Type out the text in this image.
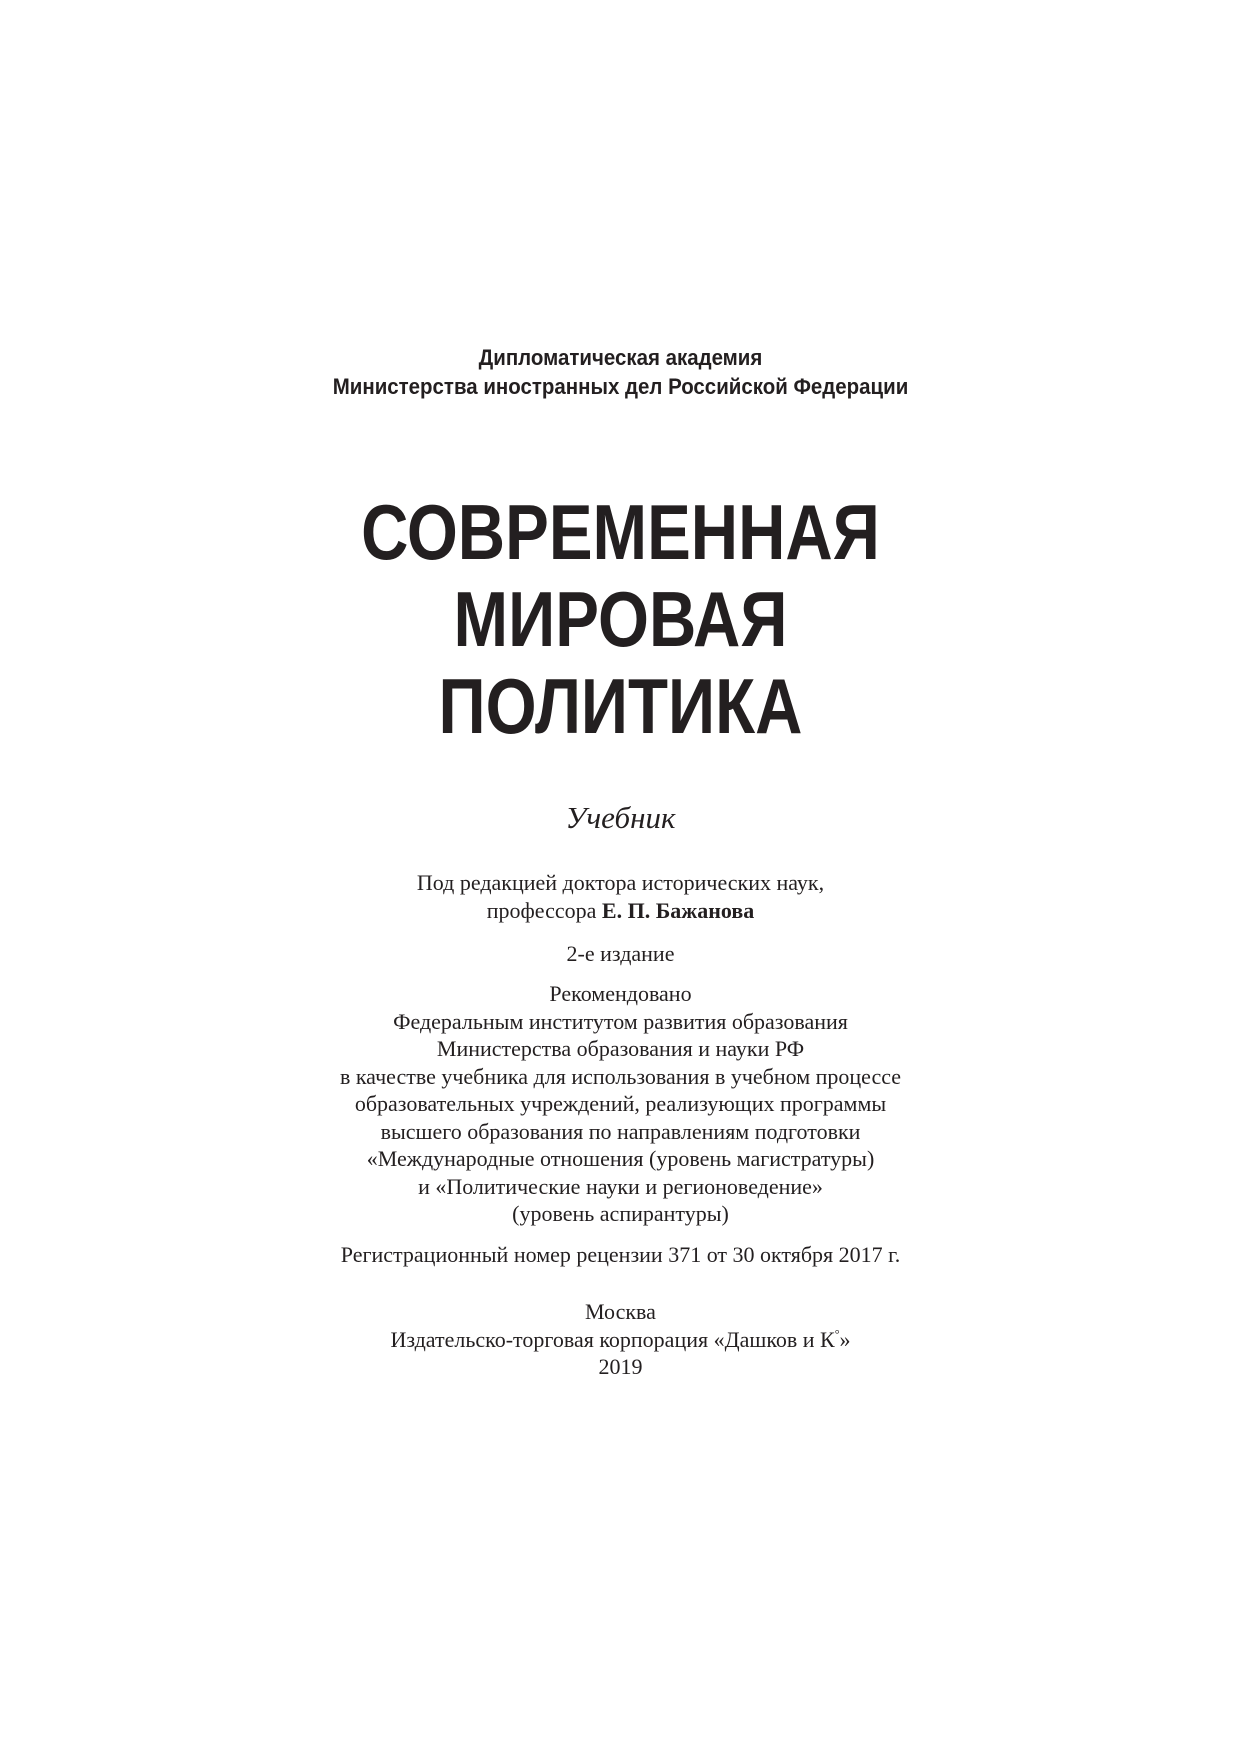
Дипломатическая академия
Министерства иностранных дел Российской Федерации
СОВРЕМЕННАЯ
МИРОВАЯ
ПОЛИТИКА
Учебник
Под редакцией доктора исторических наук,
профессора Е. П. Бажанова
2-е издание
Рекомендовано
Федеральным институтом развития образования
Министерства образования и науки РФ
в качестве учебника для использования в учебном процессе
образовательных учреждений, реализующих программы
высшего образования по направлениям подготовки
«Международные отношения (уровень магистратуры)
и «Политические науки и регионоведение»
(уровень аспирантуры)
Регистрационный номер рецензии 371 от 30 октября 2017 г.
Москва
Издательско-торговая корпорация «Дашков и К°»
2019
